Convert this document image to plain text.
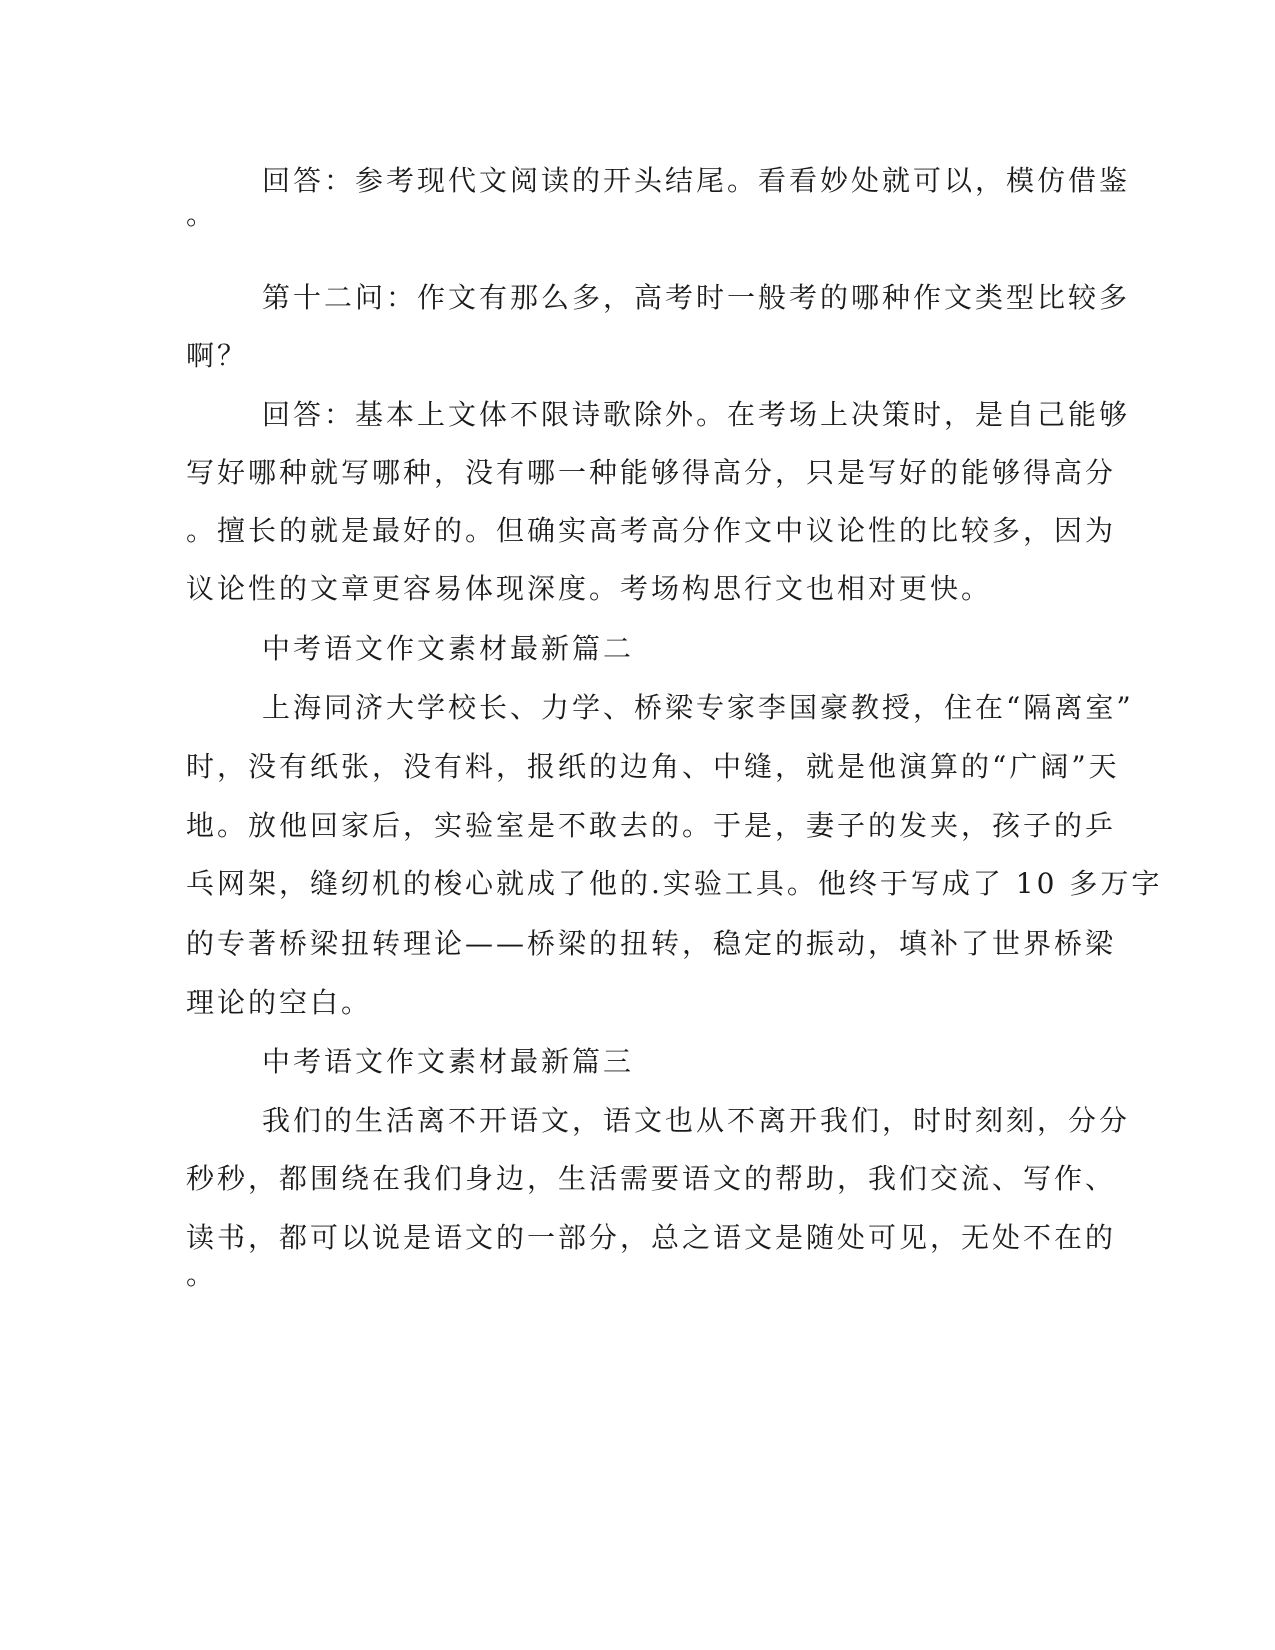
回答：参考现代文阅读的开头结尾。看看妙处就可以，模仿借鉴
。
第十二问：作文有那么多，高考时一般考的哪种作文类型比较多
啊？
回答：基本上文体不限诗歌除外。在考场上决策时，是自己能够
写好哪种就写哪种，没有哪一种能够得高分，只是写好的能够得高分
。擅长的就是最好的。但确实高考高分作文中议论性的比较多，因为
议论性的文章更容易体现深度。考场构思行文也相对更快。
中考语文作文素材最新篇二
上海同济大学校长、力学、桥梁专家李国豪教授，住在“隔离室”
时，没有纸张，没有料，报纸的边角、中缝，就是他演算的“广阔”天
地。放他回家后，实验室是不敢去的。于是，妻子的发夹，孩子的乒
乓网架，缝纫机的梭心就成了他的.实验工具。他终于写成了 10 多万字
的专著桥梁扭转理论——桥梁的扭转，稳定的振动，填补了世界桥梁
理论的空白。
中考语文作文素材最新篇三
我们的生活离不开语文，语文也从不离开我们，时时刻刻，分分
秒秒，都围绕在我们身边，生活需要语文的帮助，我们交流、写作、
读书，都可以说是语文的一部分，总之语文是随处可见，无处不在的
。
